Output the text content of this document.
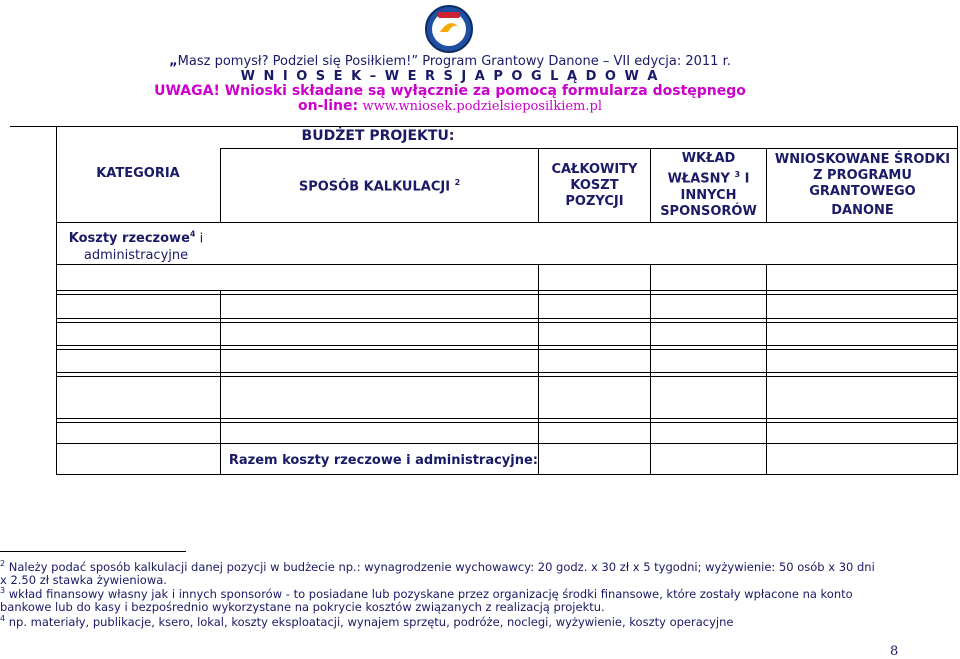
„Masz pomysł? Podziel się Posiłkiem!” Program Grantowy Danone – VII edycja: 2011 r.
W N I O S E K – W E R S J A P O G L Ą D O W A
UWAGA! Wnioski składane są wyłącznie za pomocą formularza dostępnego
on-line: www.wniosek.podzielsieposilkiem.pl
KATEGORIA
BUDŻET PROJEKTU:
SPOSÓB KALKULACJI $^2$
CAŁKOWITY KOSZT POZYCJI
WKŁAD WŁASNY $^3$ I INNYCH SPONSORÓW
WNIOSKOWANE ŚRODKI Z PROGRAMU GRANTOWEGO
DANONE
Koszty rzeczowe$^4$ i
administracyjne
Razem koszty rzeczowe i administracyjne:
$^2$ Należy podać sposób kalkulacji danej pozycji w budżecie np.: wynagrodzenie wychowawcy: 20 godz. x 30 zł x 5 tygodni; wyżywienie: 50 osób x 30 dni
x 2.50 zł stawka żywieniowa.
$^3$ wkład finansowy własny jak i innych sponsorów - to posiadane lub pozyskane przez organizację środki finansowe, które zostały wpłacone na konto
bankowe lub do kasy i bezpośrednio wykorzystane na pokrycie kosztów związanych z realizacją projektu.
$^4$ np. materiały, publikacje, ksero, lokal, koszty eksploatacji, wynajem sprzętu, podróże, noclegi, wyżywienie, koszty operacyjne
8
